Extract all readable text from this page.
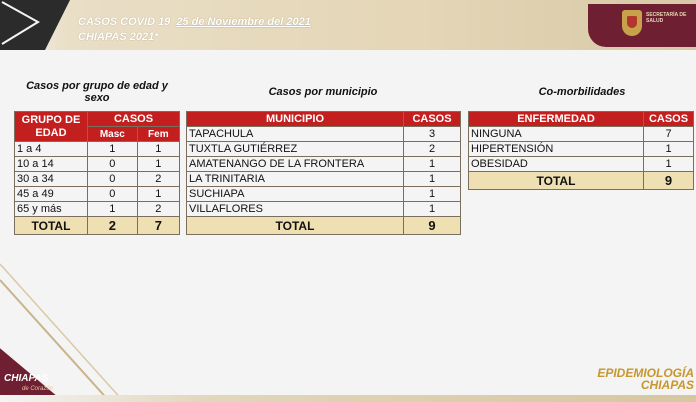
CASOS COVID 19 25 de Noviembre del 2021
CHIAPAS 2021*
SECRETARÍA DE SALUD
Casos por grupo de edad y
sexo
GRUPO DE EDAD	CASOS	
	Masc	Fem
1 a 4	1	1
10 a 14	0	1
30 a 34	0	2
45 a 49	0	1
65 y más	1	2
TOTAL	2	7
Casos por municipio
MUNICIPIO	CASOS
TAPACHULA	3
TUXTLA GUTIÉRREZ	2
AMATENANGO DE LA FRONTERA	1
LA TRINITARIA	1
SUCHIAPA	1
VILLAFLORES	1
TOTAL	9
Co-morbilidades
ENFERMEDAD	CASOS
NINGUNA	7
HIPERTENSIÓN	1
OBESIDAD	1
TOTAL	9
CHIAPAS
de Corazón
EPIDEMIOLOGÍA
CHIAPAS
